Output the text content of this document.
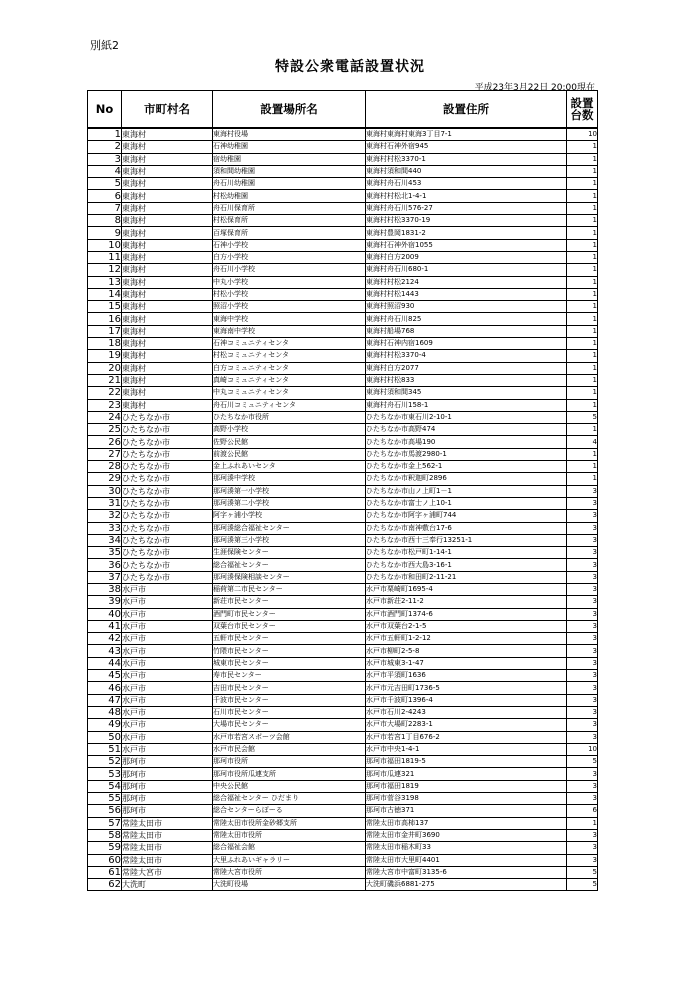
別紙2
特設公衆電話設置状況
平成23年3月22日 20:00現在
No	市町村名	設置場所名	設置住所	設置台数
1	東海村	東海村役場	東海村東海村東海3丁目7-1	10
2	東海村	石神幼稚園	東海村石神外宿945	1
3	東海村	宿幼稚園	東海村村松3370-1	1
4	東海村	須和間幼稚園	東海村須和間440	1
5	東海村	舟石川幼稚園	東海村舟石川453	1
6	東海村	村松幼稚園	東海村村松北1-4-1	1
7	東海村	舟石川保育所	東海村舟石川576-27	1
8	東海村	村松保育所	東海村村松3370-19	1
9	東海村	百塚保育所	東海村豊岡1831-2	1
10	東海村	石神小学校	東海村石神外宿1055	1
11	東海村	白方小学校	東海村白方2009	1
12	東海村	舟石川小学校	東海村舟石川680-1	1
13	東海村	中丸小学校	東海村村松2124	1
14	東海村	村松小学校	東海村村松1443	1
15	東海村	照沼小学校	東海村照沼930	1
16	東海村	東海中学校	東海村舟石川825	1
17	東海村	東海南中学校	東海村船場768	1
18	東海村	石神コミュニティセンタ	東海村石神内宿1609	1
19	東海村	村松コミュニティセンタ	東海村村松3370-4	1
20	東海村	白方コミュニティセンタ	東海村白方2077	1
21	東海村	真崎コミュニティセンタ	東海村村松833	1
22	東海村	中丸コミュニティセンタ	東海村須和間345	1
23	東海村	舟石川コミュニティセンタ	東海村舟石川158-1	1
24	ひたちなか市	ひたちなか市役所	ひたちなか市東石川2-10-1	5
25	ひたちなか市	高野小学校	ひたちなか市高野474	1
26	ひたちなか市	佐野公民館	ひたちなか市高場190	4
27	ひたちなか市	前渡公民館	ひたちなか市馬渡2980-1	1
28	ひたちなか市	金上ふれあいセンタ	ひたちなか市金上562-1	1
29	ひたちなか市	那珂湊中学校	ひたちなか市釈迦町2896	1
30	ひたちなか市	那珂湊第一小学校	ひたちなか市山ノ上町1－1	3
31	ひたちなか市	那珂湊第二小学校	ひたちなか市富士ノ上10-1	3
32	ひたちなか市	阿字ヶ浦小学校	ひたちなか市阿字ヶ浦町744	3
33	ひたちなか市	那珂湊総合福祉センター	ひたちなか市南神敷台17-6	3
34	ひたちなか市	那珂湊第三小学校	ひたちなか市西十三奉行13251-1	3
35	ひたちなか市	生涯保険センター	ひたちなか市松戸町1-14-1	3
36	ひたちなか市	総合福祉センター	ひたちなか市西大島3-16-1	3
37	ひたちなか市	那珂湊保険相談センター	ひたちなか市和田町2-11-21	3
38	水戸市	稲荷第二市民センター	水戸市栗崎町1695-4	3
39	水戸市	新荘市民センター	水戸市新荘2-11-2	3
40	水戸市	酒門町市民センター	水戸市酒門町1374-6	3
41	水戸市	双葉台市民センター	水戸市双葉台2-1-5	3
42	水戸市	五軒市民センター	水戸市五軒町1-2-12	3
43	水戸市	竹隈市民センター	水戸市柳町2-5-8	3
44	水戸市	城東市民センター	水戸市城東3-1-47	3
45	水戸市	寿市民センター	水戸市平須町1636	3
46	水戸市	吉田市民センター	水戸市元吉田町1736-5	3
47	水戸市	千波市民センター	水戸市千波町1396-4	3
48	水戸市	石川市民センター	水戸市石川2-4243	3
49	水戸市	大場市民センター	水戸市大場町2283-1	3
50	水戸市	水戸市若宮スポーツ会館	水戸市若宮1丁目676-2	3
51	水戸市	水戸市民会館	水戸市中央1-4-1	10
52	那珂市	那珂市役所	那珂市福田1819-5	5
53	那珂市	那珂市役所瓜連支所	那珂市瓜連321	3
54	那珂市	中央公民館	那珂市福田1819	3
55	那珂市	総合福祉センター ひだまり	那珂市菅谷3198	3
56	那珂市	総合センターらぽーる	那珂市古徳371	6
57	常陸太田市	常陸太田市役所金砂郷支所	常陸太田市高柿137	1
58	常陸太田市	常陸太田市役所	常陸太田市金井町3690	3
59	常陸太田市	総合福祉会館	常陸太田市稲木町33	3
60	常陸太田市	大里ふれあいギャラリー	常陸太田市大里町4401	3
61	常陸大宮市	常陸大宮市役所	常陸大宮市中富町3135-6	5
62	大洗町	大洗町役場	大洗町磯浜6881-275	5
